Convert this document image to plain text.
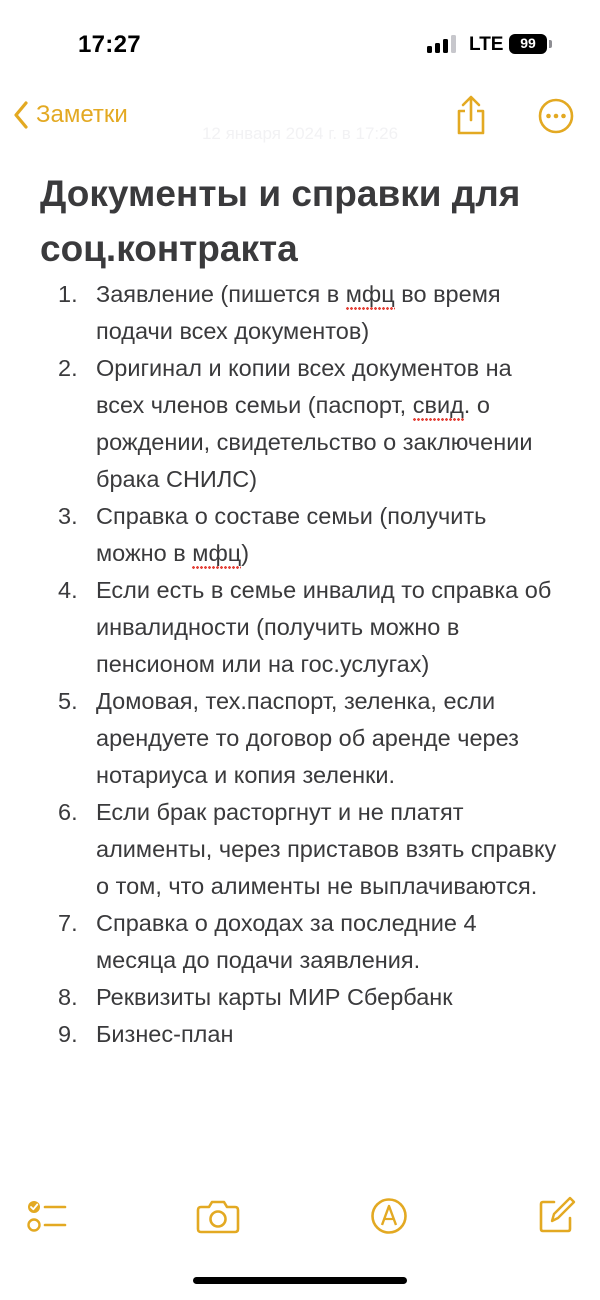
17:27	LTE	99
Заметки
12 января 2024 г. в 17:26
Документы и справки для соц.контракта
1. Заявление (пишется в мфц во время подачи всех документов)
2. Оригинал и копии всех документов на всех членов семьи (паспорт, свид. о рождении, свидетельство о заключении брака СНИЛС)
3. Справка о составе семьи (получить можно в мфц)
4. Если есть в семье инвалид то справка об инвалидности (получить можно в пенсионом или на гос.услугах)
5. Домовая, тех.паспорт, зеленка, если арендуете то договор об аренде через нотариуса и копия зеленки.
6. Если брак расторгнут и не платят алименты, через приставов взять справку о том, что алименты не выплачиваются.
7. Справка о доходах за последние 4 месяца до подачи заявления.
8. Реквизиты карты МИР Сбербанк
9. Бизнес-план
